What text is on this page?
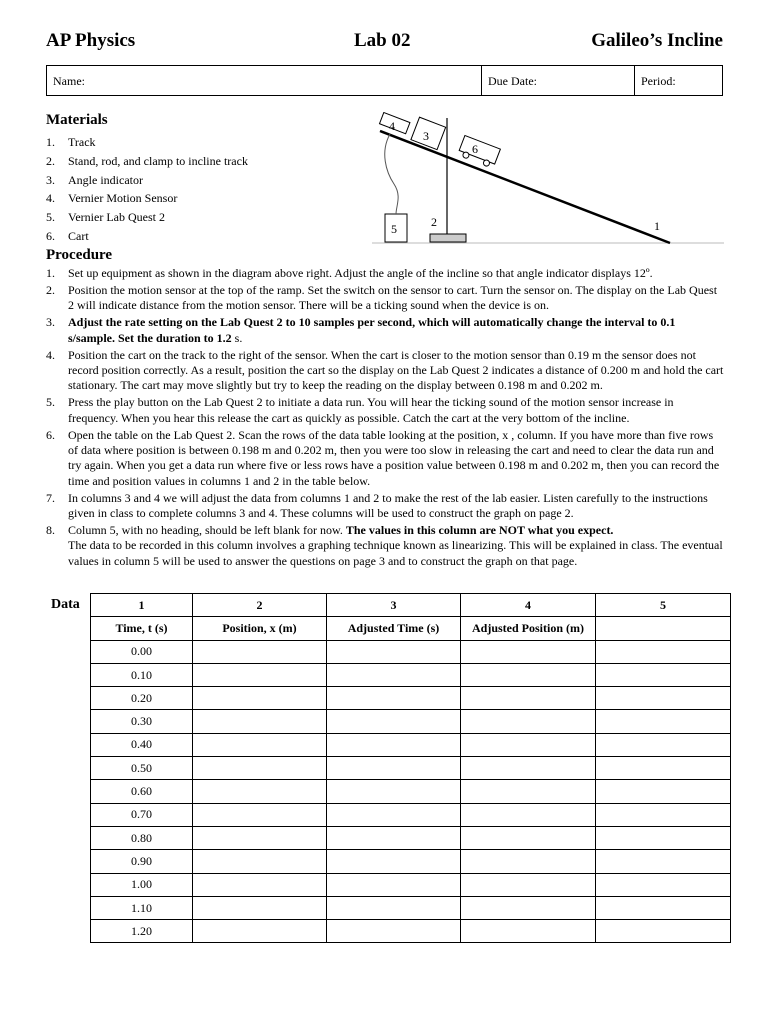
AP Physics	Lab 02	Galileo’s Incline
Name:	Due Date:	Period:
Materials
1. Track
2. Stand, rod, and clamp to incline track
3. Angle indicator
4. Vernier Motion Sensor
5. Vernier Lab Quest 2
6. Cart
1
2
3
4
5
6
Procedure
1.	Set up equipment as shown in the diagram above right. Adjust the angle of the incline so that angle indicator displays 12º.
2.	Position the motion sensor at the top of the ramp. Set the switch on the sensor to cart. Turn the sensor on. The display on the Lab Quest 2 will indicate distance from the motion sensor. There will be a ticking sound when the device is on.
3.	Adjust the rate setting on the Lab Quest 2 to 10 samples per second, which will automatically change the interval to 0.1 s/sample. Set the duration to 1.2 s.
4.	Position the cart on the track to the right of the sensor. When the cart is closer to the motion sensor than 0.19 m the sensor does not record position correctly. As a result, position the cart so the display on the Lab Quest 2 indicates a distance of 0.200 m and hold the cart stationary. The cart may move slightly but try to keep the reading on the display between 0.198 m and 0.202 m.
5.	Press the play button on the Lab Quest 2 to initiate a data run. You will hear the ticking sound of the motion sensor increase in frequency. When you hear this release the cart as quickly as possible. Catch the cart at the very bottom of the incline.
6.	Open the table on the Lab Quest 2. Scan the rows of the data table looking at the position, x , column. If you have more than five rows of data where position is between 0.198 m and 0.202 m, then you were too slow in releasing the cart and need to clear the data run and try again. When you get a data run where five or less rows have a position value between 0.198 m and 0.202 m, then you can record the time and position values in columns 1 and 2 in the table below.
7.	In columns 3 and 4 we will adjust the data from columns 1 and 2 to make the rest of the lab easier. Listen carefully to the instructions given in class to complete columns 3 and 4. These columns will be used to construct the graph on page 2.
8.	Column 5, with no heading, should be left blank for now. The values in this column are NOT what you expect.
The data to be recorded in this column involves a graphing technique known as linearizing. This will be explained in class. The eventual values in column 5 will be used to answer the questions on page 3 and to construct the graph on that page.
Data	1	2	3	4	5
Time, t (s)	Position, x (m)	Adjusted Time (s)	Adjusted Position (m)	
0.00				
0.10				
0.20				
0.30				
0.40				
0.50				
0.60				
0.70				
0.80				
0.90				
1.00				
1.10				
1.20				
